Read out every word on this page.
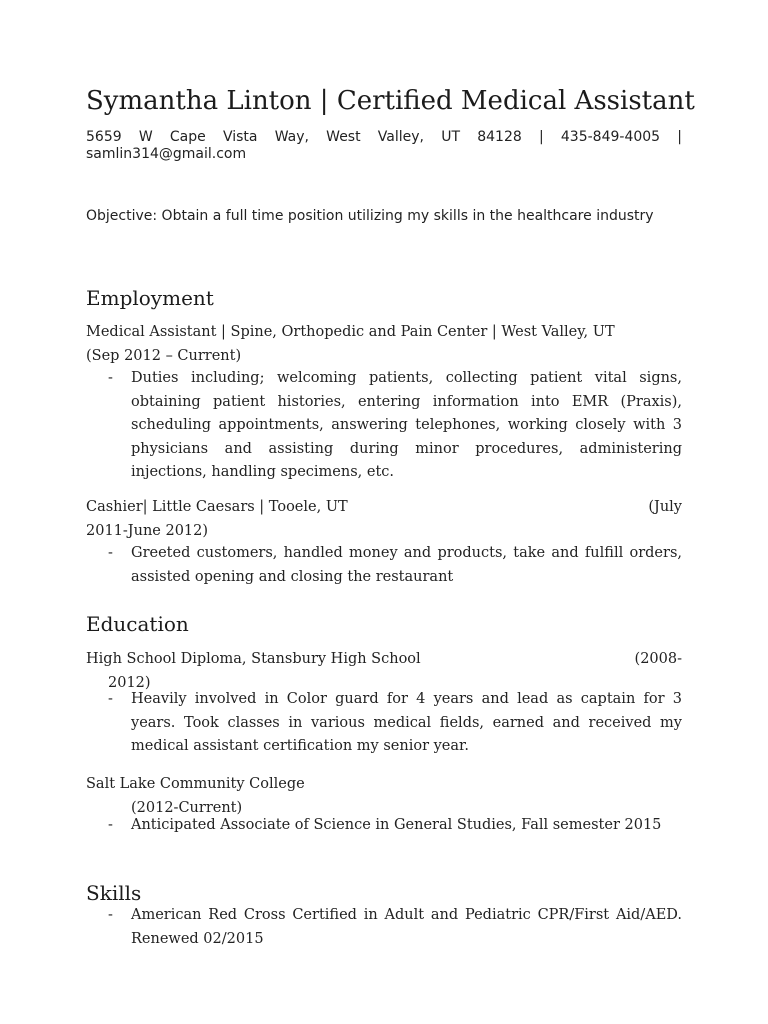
Symantha Linton | Certified Medical Assistant
5659 W Cape Vista Way, West Valley, UT 84128 | 435-849-4005 |
samlin314@gmail.com
Objective: Obtain a full time position utilizing my skills in the healthcare industry
Employment
Medical Assistant | Spine, Orthopedic and Pain Center | West Valley, UT
(Sep 2012 – Current)
- Duties including; welcoming patients, collecting patient vital signs, obtaining patient histories, entering information into EMR (Praxis), scheduling appointments, answering telephones, working closely with 3 physicians and assisting during minor procedures, administering injections, handling specimens, etc.
Cashier| Little Caesars | Tooele, UT	(July
2011-June 2012)
- Greeted customers, handled money and products, take and fulfill orders, assisted opening and closing the restaurant
Education
High School Diploma, Stansbury High School	(2008-
2012)
- Heavily involved in Color guard for 4 years and lead as captain for 3 years. Took classes in various medical fields, earned and received my medical assistant certification my senior year.
Salt Lake Community College
(2012-Current)
- Anticipated Associate of Science in General Studies, Fall semester 2015
Skills
- American Red Cross Certified in Adult and Pediatric CPR/First Aid/AED. Renewed 02/2015
